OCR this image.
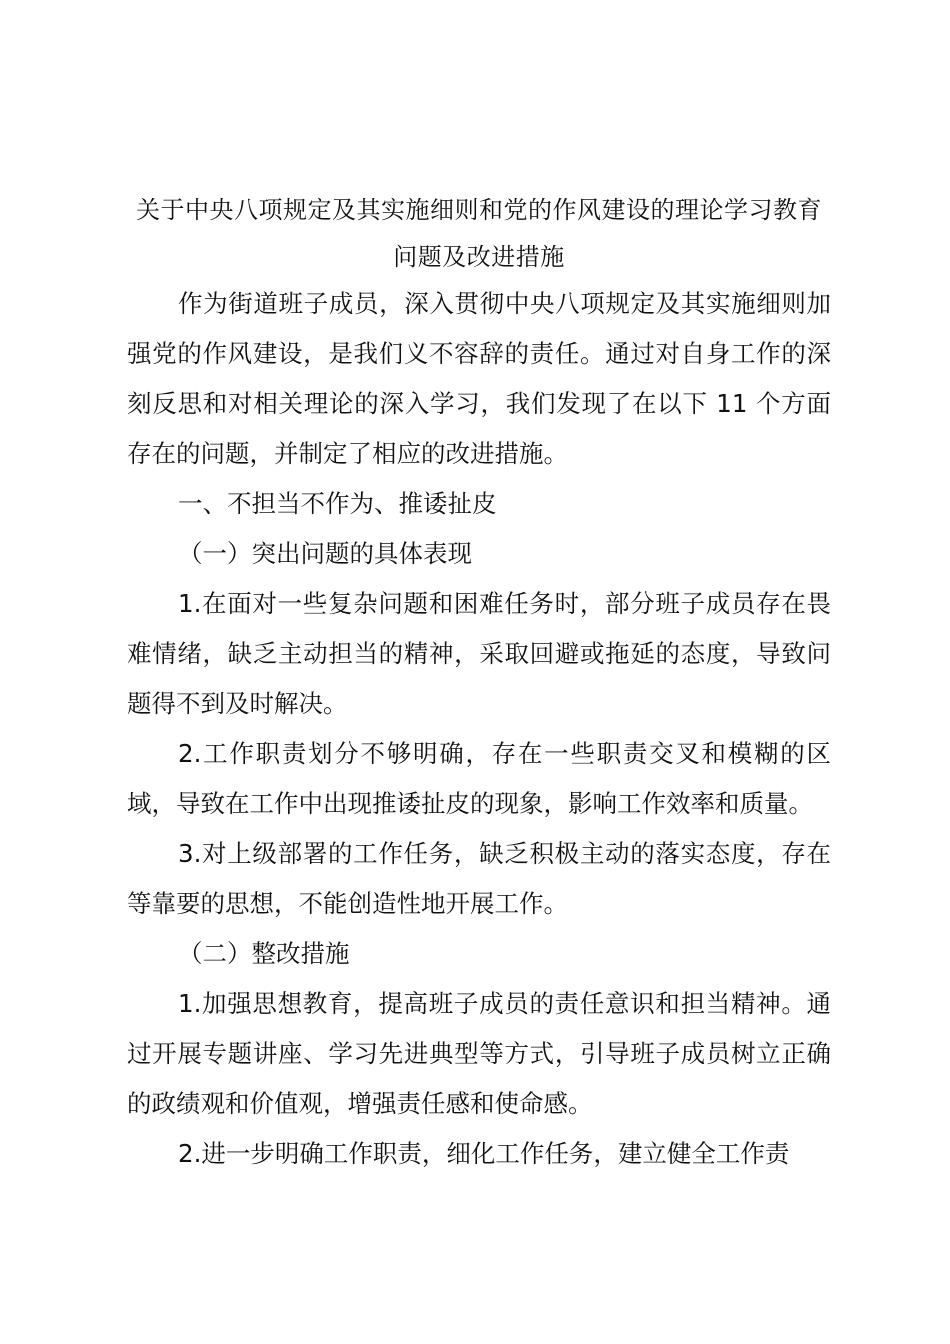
关于中央八项规定及其实施细则和党的作风建设的理论学习教育问题及改进措施

作为街道班子成员，深入贯彻中央八项规定及其实施细则加强党的作风建设，是我们义不容辞的责任。通过对自身工作的深刻反思和对相关理论的深入学习，我们发现了在以下 11 个方面存在的问题，并制定了相应的改进措施。

一、不担当不作为、推诿扯皮

（一）突出问题的具体表现

1.在面对一些复杂问题和困难任务时，部分班子成员存在畏难情绪，缺乏主动担当的精神，采取回避或拖延的态度，导致问题得不到及时解决。

2.工作职责划分不够明确，存在一些职责交叉和模糊的区域，导致在工作中出现推诿扯皮的现象，影响工作效率和质量。

3.对上级部署的工作任务，缺乏积极主动的落实态度，存在等靠要的思想，不能创造性地开展工作。

（二）整改措施

1.加强思想教育，提高班子成员的责任意识和担当精神。通过开展专题讲座、学习先进典型等方式，引导班子成员树立正确的政绩观和价值观，增强责任感和使命感。

2.进一步明确工作职责，细化工作任务，建立健全工作责
